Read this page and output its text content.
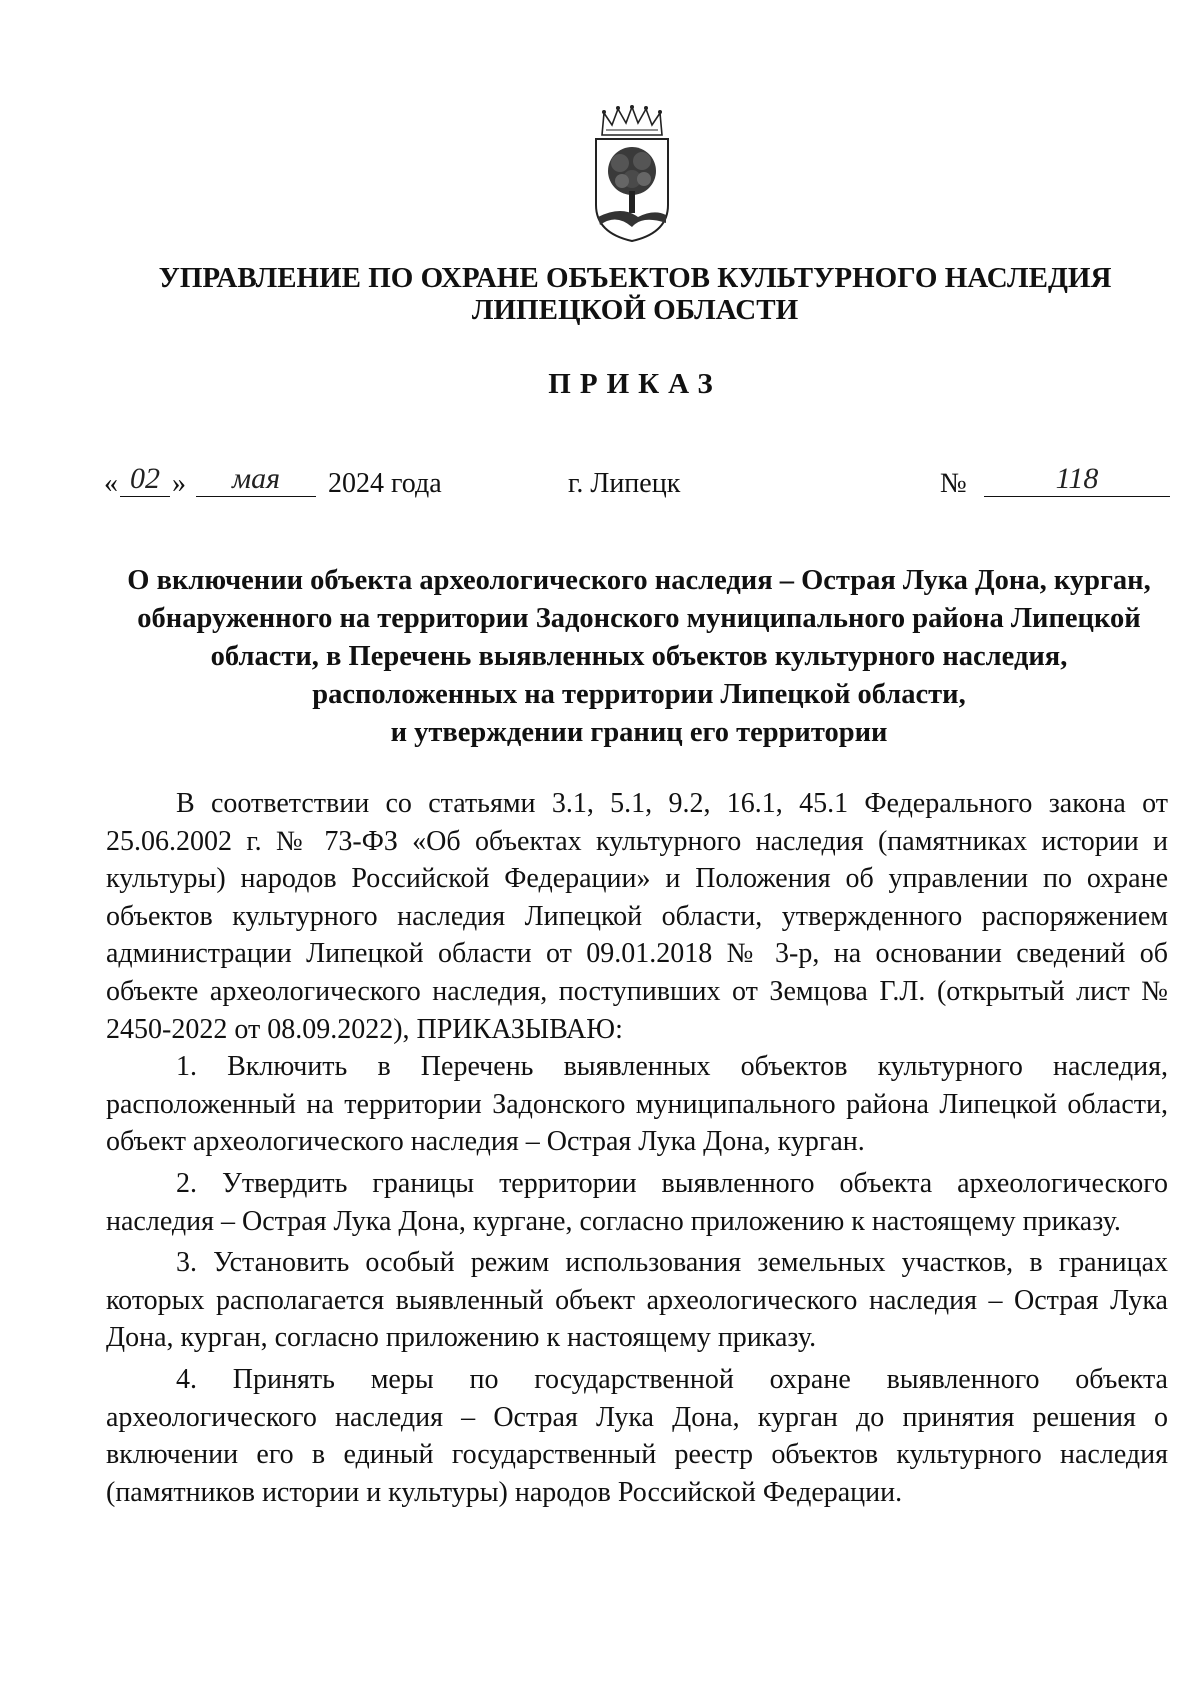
УПРАВЛЕНИЕ ПО ОХРАНЕ ОБЪЕКТОВ КУЛЬТУРНОГО НАСЛЕДИЯ
ЛИПЕЦКОЙ ОБЛАСТИ
ПРИКАЗ
« 02 »	мая	2024 года	г. Липецк	№	118
О включении объекта археологического наследия – Острая Лука Дона, курган,
обнаруженного на территории Задонского муниципального района Липецкой
области, в Перечень выявленных объектов культурного наследия,
расположенных на территории Липецкой области,
и утверждении границ его территории

В соответствии со статьями 3.1, 5.1, 9.2, 16.1, 45.1 Федерального закона от 25.06.2002 г. № 73-ФЗ «Об объектах культурного наследия (памятниках истории и культуры) народов Российской Федерации» и Положения об управлении по охране объектов культурного наследия Липецкой области, утвержденного распоряжением администрации Липецкой области от 09.01.2018 № 3-р, на основании сведений об объекте археологического наследия, поступивших от Земцова Г.Л. (открытый лист № 2450-2022 от 08.09.2022), ПРИКАЗЫВАЮ:

1. Включить в Перечень выявленных объектов культурного наследия, расположенный на территории Задонского муниципального района Липецкой области, объект археологического наследия – Острая Лука Дона, курган.

2. Утвердить границы территории выявленного объекта археологического наследия – Острая Лука Дона, кургане, согласно приложению к настоящему приказу.

3. Установить особый режим использования земельных участков, в границах которых располагается выявленный объект археологического наследия – Острая Лука Дона, курган, согласно приложению к настоящему приказу.

4. Принять меры по государственной охране выявленного объекта археологического наследия – Острая Лука Дона, курган до принятия решения о включении его в единый государственный реестр объектов культурного наследия (памятников истории и культуры) народов Российской Федерации.
